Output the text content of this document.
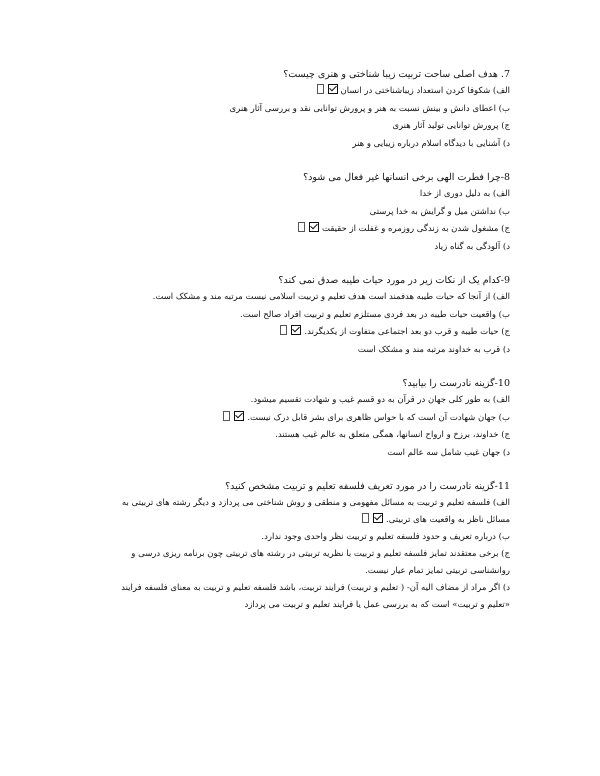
7. هدف اصلی ساحت تربیت زیبا شناختی و هنری چیست؟
الف) شکوفا کردن استعداد زیباشناختی در انسان
ب) اعطای دانش و بینش نسبت به هنر و پرورش توانایی نقد و بررسی آثار هنری
ج) پرورش توانایی تولید آثار هنری
د) آشنایی با دیدگاه اسلام درباره زیبایی و هنر
8-چرا فطرت الهی برخی انسانها غیر فعال می شود؟
الف) به دلیل دوری از خدا
ب) نداشتن میل و گرایش به خدا پرستی
ج) مشغول شدن به زندگی روزمره و غفلت از حقیقت
د) آلودگی به گناه زیاد
9-کدام یک از نکات زیر در مورد حیات طیبه صدق نمی کند؟
الف) از آنجا که حیات طیبه هدفمند است هدف تعلیم و تربیت اسلامی نیست مرتبه مند و مشکک است.
ب) واقعیت حیات طیبه در بعد فردی مستلزم تعلیم و تربیت افراد صالح است.
ج) حیات طیبه و قرب دو بعد اجتماعی متفاوت از یکدیگرند.
د) قرب به خداوند مرتبه مند و مشکک است
10-گزینه نادرست را بیابید؟
الف) به طور کلی جهان در قرآن به دو قسم غیب و شهادت تقسیم میشود.
ب) جهان شهادت آن است که با حواس ظاهری برای بشر قابل درک نیست.
ج) خداوند، برزخ و ارواح انسانها، همگی متعلق به عالم غیب هستند.
د) جهان غیب شامل سه عالم است
11-گزینه نادرست را در مورد تعریف فلسفه تعلیم و تربیت مشخص کنید؟
الف) فلسفه تعلیم و تربیت به مسائل مفهومی و منطقی و روش شناختی می پردازد و دیگر رشته های تربیتی به مسائل ناظر به واقعیت های تربیتی.
ب) درباره تعریف و حدود فلسفه تعلیم و تربیت نظر واحدی وجود ندارد.
ج) برخی معتقدند تمایز فلسفه تعلیم و تربیت با نظریه تربیتی در رشته های تربیتی چون برنامه ریزی درسی و روانشناسی تربیتی تمایز تمام عیار نیست.
د) اگر مراد از مضاف الیه آن- ( تعلیم و تربیت) فرایند تربیت، باشد فلسفه تعلیم و تربیت به معنای فلسفه فرایند «تعلیم و تربیت» است که به بررسی عمل یا فرایند تعلیم و تربیت می پردازد
